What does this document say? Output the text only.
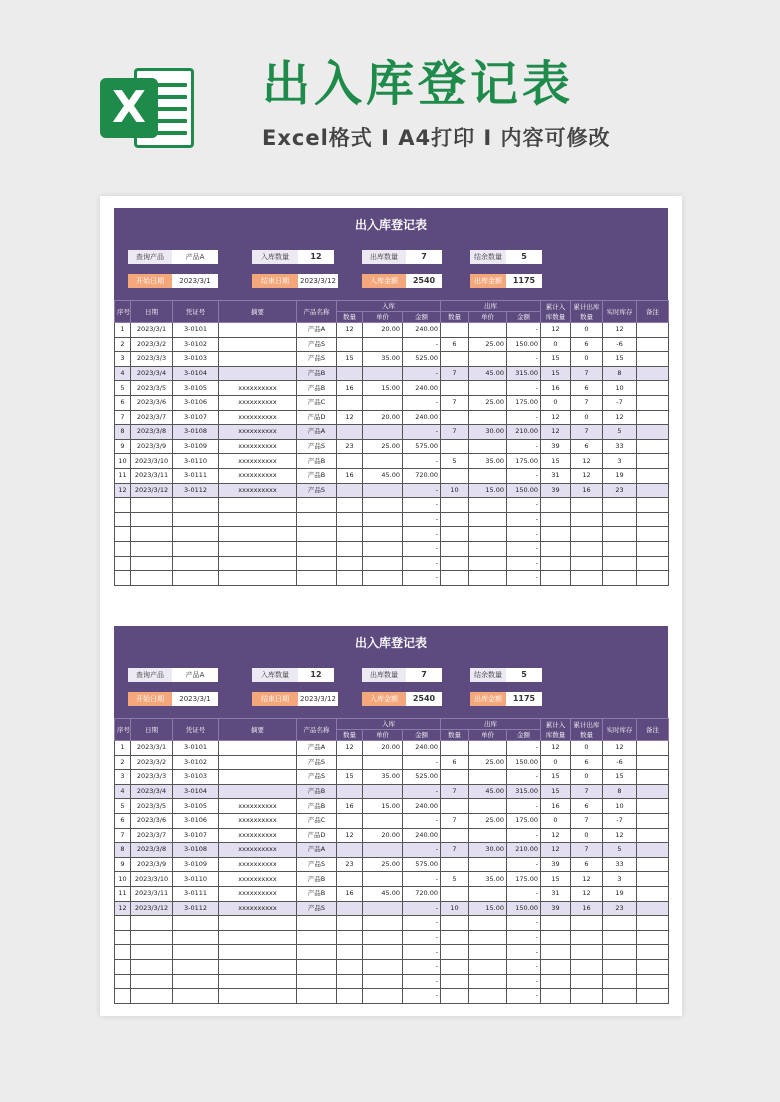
X 出入库登记表
Excel格式 I A4打印 I 内容可修改
出入库登记表
查询产品	产品A	入库数量	12	出库数量	7	结余数量	5
开始日期	2023/3/1	结束日期	2023/3/12	入库金额	2540	出库金额	1175
序号	日期	凭证号	摘要	产品名称	入库			出库			累计入库数量	累计出库数量	实时库存	备注
					数量	单价	金额	数量	单价	金额				
1	2023/3/1	3-0101		产品A	12	20.00	240.00			-	12	0	12	
2	2023/3/2	3-0102		产品S			-	6	25.00	150.00	0	6	-6	
3	2023/3/3	3-0103		产品S	15	35.00	525.00			-	15	0	15	
4	2023/3/4	3-0104		产品B			-	7	45.00	315.00	15	7	8	
5	2023/3/5	3-0105	xxxxxxxxxx	产品B	16	15.00	240.00			-	16	6	10	
6	2023/3/6	3-0106	xxxxxxxxxx	产品C			-	7	25.00	175.00	0	7	-7	
7	2023/3/7	3-0107	xxxxxxxxxx	产品D	12	20.00	240.00			-	12	0	12	
8	2023/3/8	3-0108	xxxxxxxxxx	产品A			-	7	30.00	210.00	12	7	5	
9	2023/3/9	3-0109	xxxxxxxxxx	产品S	23	25.00	575.00			-	39	6	33	
10	2023/3/10	3-0110	xxxxxxxxxx	产品B			-	5	35.00	175.00	15	12	3	
11	2023/3/11	3-0111	xxxxxxxxxx	产品B	16	45.00	720.00			-	31	12	19	
12	2023/3/12	3-0112	xxxxxxxxxx	产品S			-	10	15.00	150.00	39	16	23	
							-			-				
							-			-				
							-			-				
							-			-				
							-			-				
							-			-				
出入库登记表
查询产品	产品A	入库数量	12	出库数量	7	结余数量	5
开始日期	2023/3/1	结束日期	2023/3/12	入库金额	2540	出库金额	1175
序号	日期	凭证号	摘要	产品名称	入库			出库			累计入库数量	累计出库数量	实时库存	备注
					数量	单价	金额	数量	单价	金额				
1	2023/3/1	3-0101		产品A	12	20.00	240.00			-	12	0	12	
2	2023/3/2	3-0102		产品S			-	6	25.00	150.00	0	6	-6	
3	2023/3/3	3-0103		产品S	15	35.00	525.00			-	15	0	15	
4	2023/3/4	3-0104		产品B			-	7	45.00	315.00	15	7	8	
5	2023/3/5	3-0105	xxxxxxxxxx	产品B	16	15.00	240.00			-	16	6	10	
6	2023/3/6	3-0106	xxxxxxxxxx	产品C			-	7	25.00	175.00	0	7	-7	
7	2023/3/7	3-0107	xxxxxxxxxx	产品D	12	20.00	240.00			-	12	0	12	
8	2023/3/8	3-0108	xxxxxxxxxx	产品A			-	7	30.00	210.00	12	7	5	
9	2023/3/9	3-0109	xxxxxxxxxx	产品S	23	25.00	575.00			-	39	6	33	
10	2023/3/10	3-0110	xxxxxxxxxx	产品B			-	5	35.00	175.00	15	12	3	
11	2023/3/11	3-0111	xxxxxxxxxx	产品B	16	45.00	720.00			-	31	12	19	
12	2023/3/12	3-0112	xxxxxxxxxx	产品S			-	10	15.00	150.00	39	16	23	
							-			-				
							-			-				
							-			-				
							-			-				
							-			-				
							-			-				
